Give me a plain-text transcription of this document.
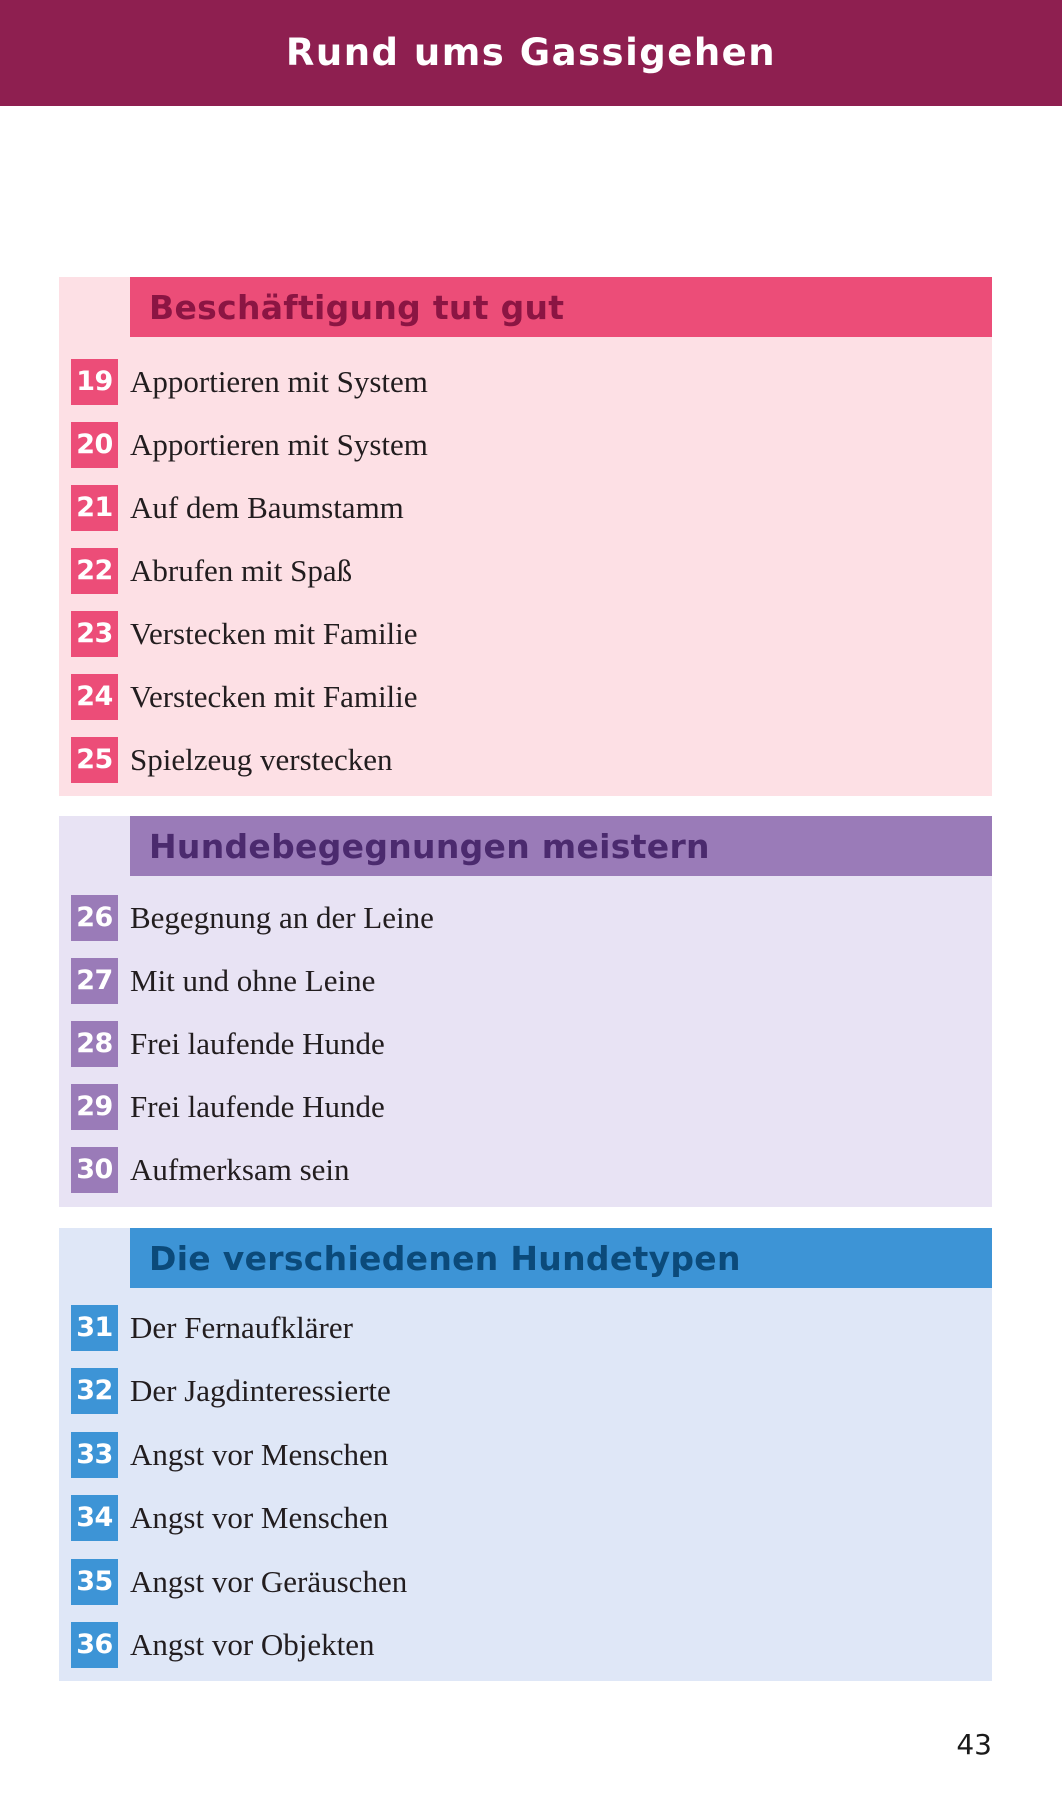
Rund ums Gassigehen
Beschäftigung tut gut
19 Apportieren mit System
20 Apportieren mit System
21 Auf dem Baumstamm
22 Abrufen mit Spaß
23 Verstecken mit Familie
24 Verstecken mit Familie
25 Spielzeug verstecken
Hundebegegnungen meistern
26 Begegnung an der Leine
27 Mit und ohne Leine
28 Frei laufende Hunde
29 Frei laufende Hunde
30 Aufmerksam sein
Die verschiedenen Hundetypen
31 Der Fernaufklärer
32 Der Jagdinteressierte
33 Angst vor Menschen
34 Angst vor Menschen
35 Angst vor Geräuschen
36 Angst vor Objekten
43
